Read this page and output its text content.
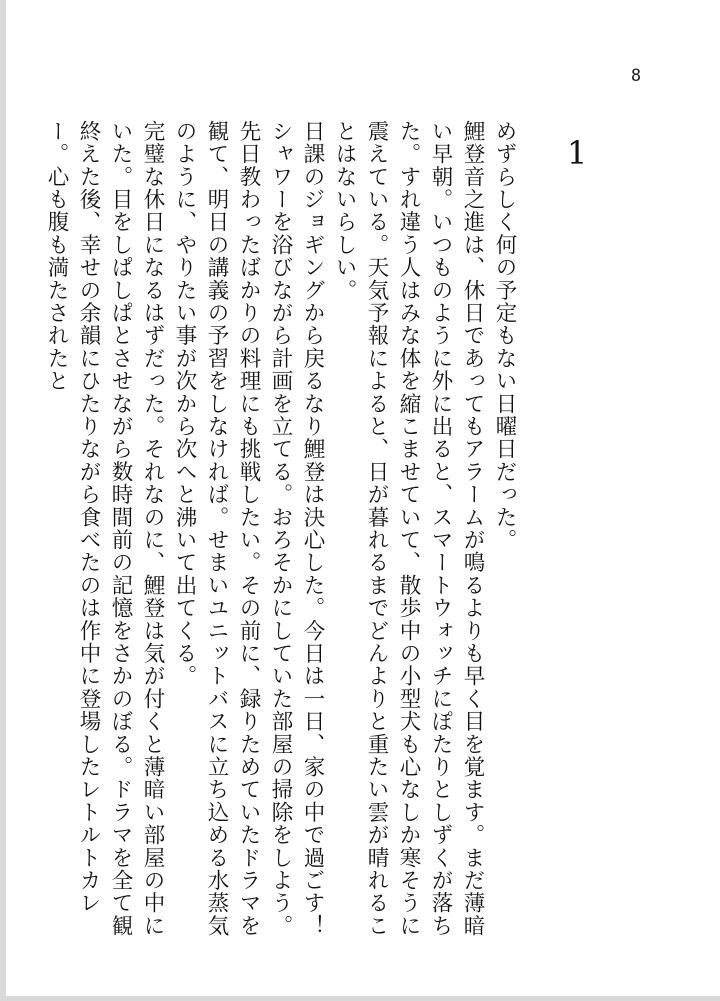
8
1

めずらしく何の予定もない日曜日だった。

鯉登音之進は、休日であってもアラームが鳴るよりも早く目を覚ます。まだ薄暗い早朝。いつものように外に出ると、スマートウォッチにぽたりとしずくが落ちた。すれ違う人はみな体を縮こませていて、散歩中の小型犬も心なしか寒そうに震えている。天気予報によると、日が暮れるまでどんよりと重たい雲が晴れることはないらしい。

日課のジョギングから戻るなり鯉登は決心した。今日は一日、家の中で過ごす！

シャワーを浴びながら計画を立てる。おろそかにしていた部屋の掃除をしよう。先日教わったばかりの料理にも挑戦したい。その前に、録りためていたドラマを観て、明日の講義の予習をしなければ。せまいユニットバスに立ち込める水蒸気のように、やりたい事が次から次へと沸いて出てくる。

完璧な休日になるはずだった。それなのに、鯉登は気が付くと薄暗い部屋の中にいた。目をしぱしぱとさせながら数時間前の記憶をさかのぼる。ドラマを全て観終えた後、幸せの余韻にひたりながら食べたのは作中に登場したレトルトカレー。心も腹も満たされたと
